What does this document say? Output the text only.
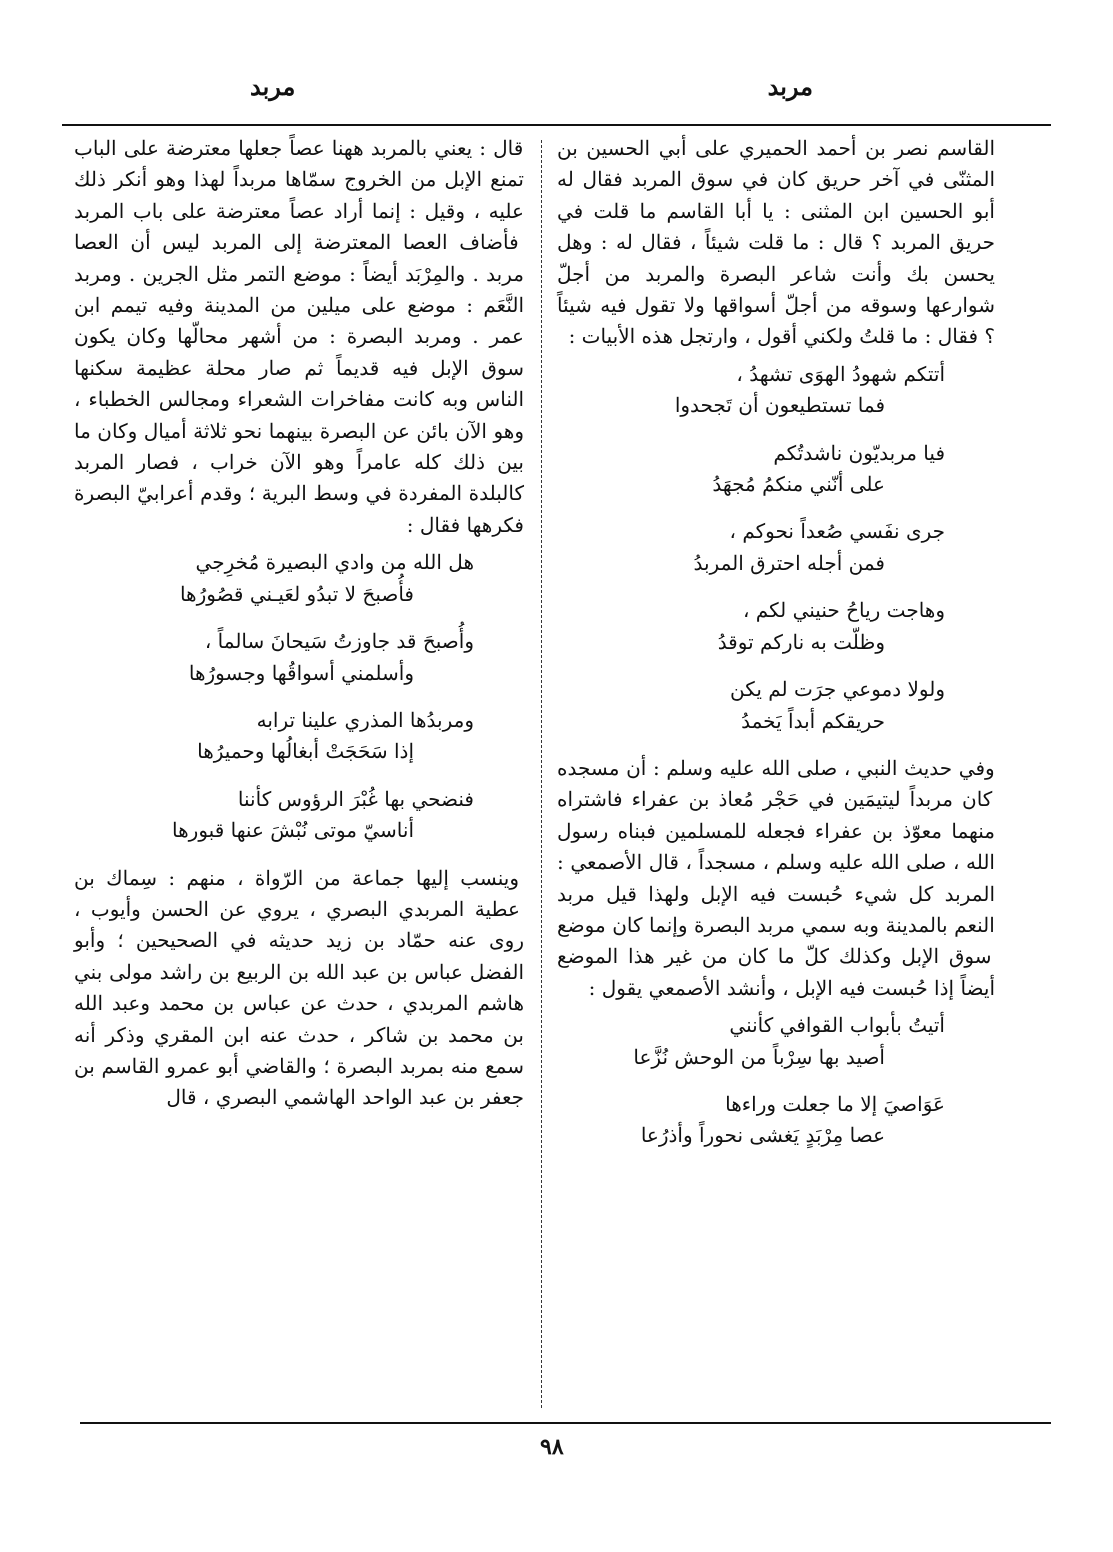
مربد
مربد

القاسم نصر بن أحمد الحميري على أبي الحسين بن المثنّى في آخر حريق كان في سوق المربد فقال له أبو الحسين ابن المثنى : يا أبا القاسم ما قلت في حريق المربد ؟ قال : ما قلت شيئاً ، فقال له : وهل يحسن بك وأنت شاعر البصرة والمربد من أجلّ شوارعها وسوقه من أجلّ أسواقها ولا تقول فيه شيئاً ؟ فقال : ما قلتُ ولكني أقول ، وارتجل هذه الأبيات :

أتتكم شهودُ الهوَى تشهدُ ،
فما تستطيعون أن تَجحدوا
فيا مربديّون ناشدتُكم
على أنّني منكمُ مُجهَدُ
جرى نفَسي صُعداً نحوكم ،
فمن أجله احترق المربدُ
وهاجت رياحُ حنيني لكم ،
وظلّت به ناركم توقدُ
ولولا دموعي جرَت لم يكن
حريقكم أبداً يَخمدُ

وفي حديث النبي ، صلى الله عليه وسلم : أن مسجده كان مربداً ليتيمَين في حَجْر مُعاذ بن عفراء فاشتراه منهما معوّذ بن عفراء فجعله للمسلمين فبناه رسول الله ، صلى الله عليه وسلم ، مسجداً ، قال الأصمعي : المربد كل شيء حُبست فيه الإبل ولهذا قيل مربد النعم بالمدينة وبه سمي مربد البصرة وإنما كان موضع سوق الإبل وكذلك كلّ ما كان من غير هذا الموضع أيضاً إذا حُبست فيه الإبل ، وأنشد الأصمعي يقول :

أتيتُ بأبواب القوافي كأنني
أصيد بها سِرْباً من الوحش نُزَّعا
عَوَاصيَ إلا ما جعلت وراءها
عصا مِرْبَدٍ يَغشى نحوراً وأذرُعا

قال : يعني بالمربد ههنا عصاً جعلها معترضة على الباب تمنع الإبل من الخروج سمّاها مربداً لهذا وهو أنكر ذلك عليه ، وقيل : إنما أراد عصاً معترضة على باب المربد فأضاف العصا المعترضة إلى المربد ليس أن العصا مربد . والمِرْبَد أيضاً : موضع التمر مثل الجرين . ومربد النَّعَم : موضع على ميلين من المدينة وفيه تيمم ابن عمر . ومربد البصرة : من أشهر محالّها وكان يكون سوق الإبل فيه قديماً ثم صار محلة عظيمة سكنها الناس وبه كانت مفاخرات الشعراء ومجالس الخطباء ، وهو الآن بائن عن البصرة بينهما نحو ثلاثة أميال وكان ما بين ذلك كله عامراً وهو الآن خراب ، فصار المربد كالبلدة المفردة في وسط البرية ؛ وقدم أعرابيّ البصرة فكرهها فقال :

هل الله من وادي البصيرة مُخرِجي
فأُصبحَ لا تبدُو لعَيـني قصُورُها
وأُصبحَ قد جاوزتُ سَيحانَ سالماً ،
وأسلمني أسواقُها وجسورُها
ومربدُها المذري علينا ترابه
إذا سَحَجَتْ أبغالُها وحميرُها
فنضحي بها غُبْرَ الرؤوس كأننا
أناسيّ موتى نُبْشَ عنها قبورها

وينسب إليها جماعة من الرّواة ، منهم : سِماك بن عطية المربدي البصري ، يروي عن الحسن وأيوب ، روى عنه حمّاد بن زيد حديثه في الصحيحين ؛ وأبو الفضل عباس بن عبد الله بن الربيع بن راشد مولى بني هاشم المربدي ، حدث عن عباس بن محمد وعبد الله بن محمد بن شاكر ، حدث عنه ابن المقري وذكر أنه سمع منه بمربد البصرة ؛ والقاضي أبو عمرو القاسم بن جعفر بن عبد الواحد الهاشمي البصري ، قال

٩٨
